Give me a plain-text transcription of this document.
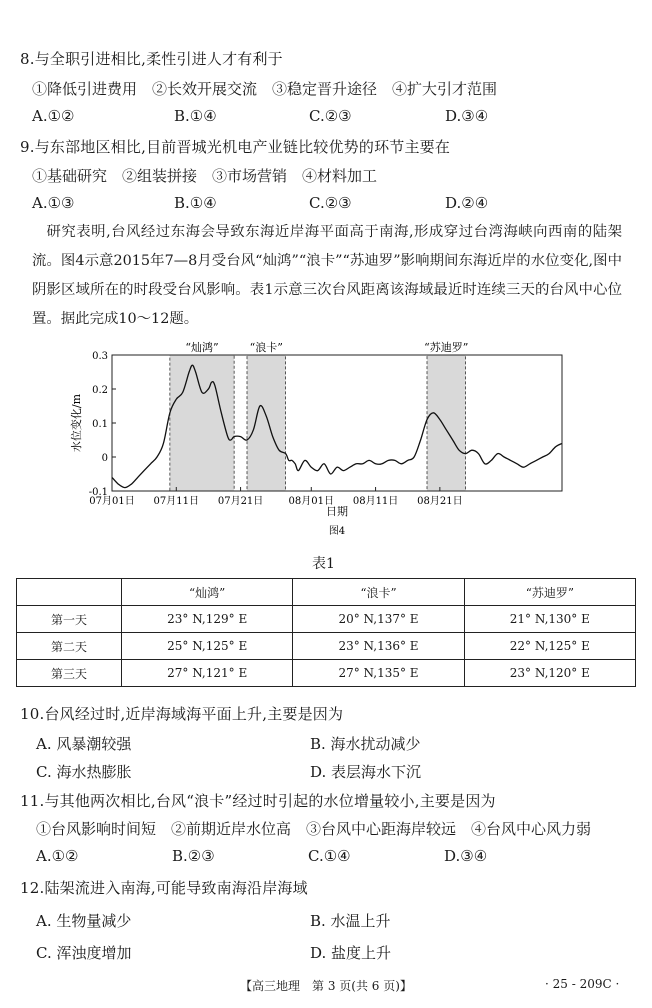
8.与全职引进相比,柔性引进人才有利于
①降低引进费用　②长效开展交流　③稳定晋升途径　④扩大引才范围
A.①②	B.①④	C.②③	D.③④
9.与东部地区相比,目前晋城光机电产业链比较优势的环节主要在
①基础研究　②组装拼接　③市场营销　④材料加工
A.①③	B.①④	C.②③	D.②④
研究表明,台风经过东海会导致东海近岸海平面高于南海,形成穿过台湾海峡向西南的陆架流。图4示意2015年7—8月受台风“灿鸿”“浪卡”“苏迪罗”影响期间东海近岸的水位变化,图中阴影区域所在的时段受台风影响。表1示意三次台风距离该海域最近时连续三天的台风中心位置。据此完成10～12题。
“灿鸿”	“浪卡”	“苏迪罗”
0.3
0.2
0.1
0
-0.1
07月01日 07月11日 07月21日	08月01日 08月11日 08月21日
水位变化/m
日期
图4
表1
	“灿鸿”	“浪卡”	“苏迪罗”
第一天	23° N,129° E	20° N,137° E	21° N,130° E
第二天	25° N,125° E	23° N,136° E	22° N,125° E
第三天	27° N,121° E	27° N,135° E	23° N,120° E
10.台风经过时,近岸海域海平面上升,主要是因为
A. 风暴潮较强	B. 海水扰动减少
C. 海水热膨胀	D. 表层海水下沉
11.与其他两次相比,台风“浪卡”经过时引起的水位增量较小,主要是因为
①台风影响时间短　②前期近岸水位高　③台风中心距海岸较远　④台风中心风力弱
A.①②	B.②③	C.①④	D.③④
12.陆架流进入南海,可能导致南海沿岸海域
A. 生物量减少	B. 水温上升
C. 浑浊度增加	D. 盐度上升
【高三地理　第 3 页(共 6 页)】	· 25 - 209C ·
